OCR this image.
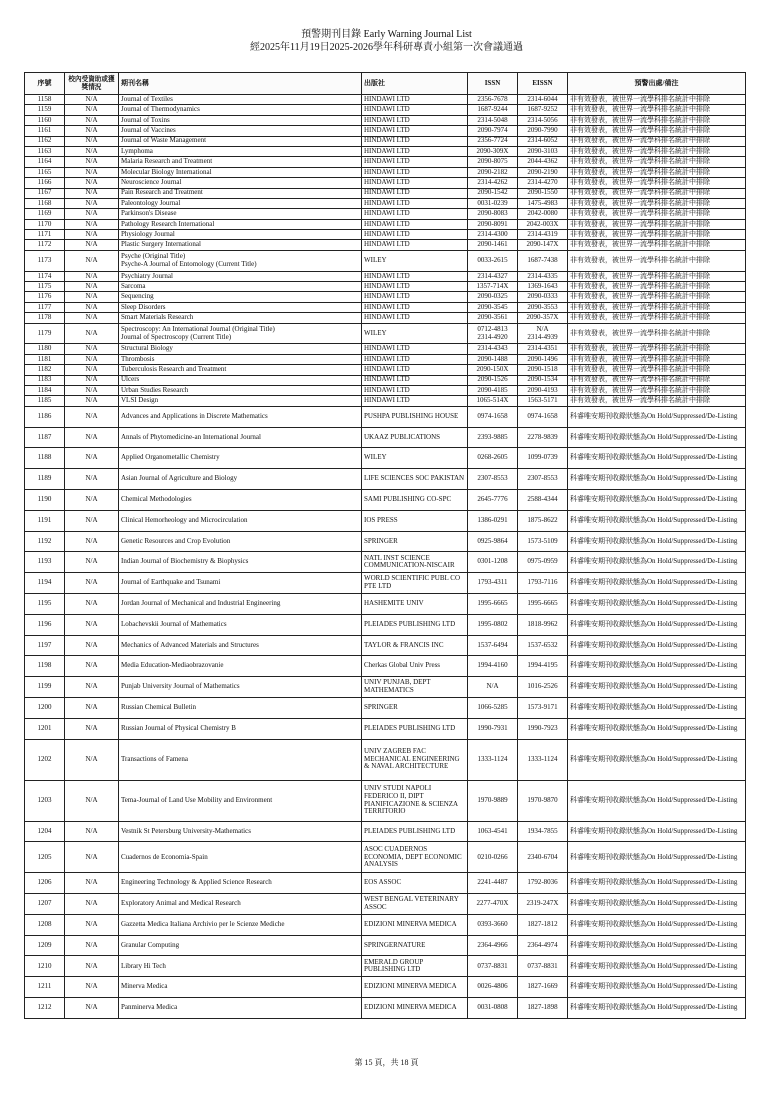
預警期刊目錄 Early Warning Journal List
經2025年11月19日2025-2026學年科研專責小組第一次會議通過
序號	校內受資助或獲獎情況	期刊名稱	出版社	ISSN	EISSN	預警出處/備注
1158	N/A	Journal of Textiles	HINDAWI LTD	2356-7678	2314-6044	非有效發表，被世界一流學科排名統計中排除
1159	N/A	Journal of Thermodynamics	HINDAWI LTD	1687-9244	1687-9252	非有效發表，被世界一流學科排名統計中排除
1160	N/A	Journal of Toxins	HINDAWI LTD	2314-5048	2314-5056	非有效發表，被世界一流學科排名統計中排除
1161	N/A	Journal of Vaccines	HINDAWI LTD	2090-7974	2090-7990	非有效發表，被世界一流學科排名統計中排除
1162	N/A	Journal of Waste Management	HINDAWI LTD	2356-7724	2314-6052	非有效發表，被世界一流學科排名統計中排除
1163	N/A	Lymphoma	HINDAWI LTD	2090-309X	2090-3103	非有效發表，被世界一流學科排名統計中排除
1164	N/A	Malaria Research and Treatment	HINDAWI LTD	2090-8075	2044-4362	非有效發表，被世界一流學科排名統計中排除
1165	N/A	Molecular Biology International	HINDAWI LTD	2090-2182	2090-2190	非有效發表，被世界一流學科排名統計中排除
1166	N/A	Neuroscience Journal	HINDAWI LTD	2314-4262	2314-4270	非有效發表，被世界一流學科排名統計中排除
1167	N/A	Pain Research and Treatment	HINDAWI LTD	2090-1542	2090-1550	非有效發表，被世界一流學科排名統計中排除
1168	N/A	Paleontology Journal	HINDAWI LTD	0031-0239	1475-4983	非有效發表，被世界一流學科排名統計中排除
1169	N/A	Parkinson's Disease	HINDAWI LTD	2090-8083	2042-0080	非有效發表，被世界一流學科排名統計中排除
1170	N/A	Pathology Research International	HINDAWI LTD	2090-8091	2042-003X	非有效發表，被世界一流學科排名統計中排除
1171	N/A	Physiology Journal	HINDAWI LTD	2314-4300	2314-4319	非有效發表，被世界一流學科排名統計中排除
1172	N/A	Plastic Surgery International	HINDAWI LTD	2090-1461	2090-147X	非有效發表，被世界一流學科排名統計中排除
1173	N/A	Psyche (Original Title)
Psyche-A Journal of Entomology (Current Title)	WILEY	0033-2615	1687-7438	非有效發表，被世界一流學科排名統計中排除
1174	N/A	Psychiatry Journal	HINDAWI LTD	2314-4327	2314-4335	非有效發表，被世界一流學科排名統計中排除
1175	N/A	Sarcoma	HINDAWI LTD	1357-714X	1369-1643	非有效發表，被世界一流學科排名統計中排除
1176	N/A	Sequencing	HINDAWI LTD	2090-0325	2090-0333	非有效發表，被世界一流學科排名統計中排除
1177	N/A	Sleep Disorders	HINDAWI LTD	2090-3545	2090-3553	非有效發表，被世界一流學科排名統計中排除
1178	N/A	Smart Materials Research	HINDAWI LTD	2090-3561	2090-357X	非有效發表，被世界一流學科排名統計中排除
1179	N/A	Spectroscopy: An International Journal (Original Title)
Journal of Spectroscopy (Current Title)	WILEY	0712-4813
2314-4920	N/A
2314-4939	非有效發表，被世界一流學科排名統計中排除
1180	N/A	Structural Biology	HINDAWI LTD	2314-4343	2314-4351	非有效發表，被世界一流學科排名統計中排除
1181	N/A	Thrombosis	HINDAWI LTD	2090-1488	2090-1496	非有效發表，被世界一流學科排名統計中排除
1182	N/A	Tuberculosis Research and Treatment	HINDAWI LTD	2090-150X	2090-1518	非有效發表，被世界一流學科排名統計中排除
1183	N/A	Ulcers	HINDAWI LTD	2090-1526	2090-1534	非有效發表，被世界一流學科排名統計中排除
1184	N/A	Urban Studies Research	HINDAWI LTD	2090-4185	2090-4193	非有效發表，被世界一流學科排名統計中排除
1185	N/A	VLSI Design	HINDAWI LTD	1065-514X	1563-5171	非有效發表，被世界一流學科排名統計中排除
1186	N/A	Advances and Applications in Discrete Mathematics	PUSHPA PUBLISHING HOUSE	0974-1658	0974-1658	科睿唯安期刊收錄狀態為On Hold/Suppressed/De-Listing
1187	N/A	Annals of Phytomedicine-an International Journal	UKAAZ PUBLICATIONS	2393-9885	2278-9839	科睿唯安期刊收錄狀態為On Hold/Suppressed/De-Listing
1188	N/A	Applied Organometallic Chemistry	WILEY	0268-2605	1099-0739	科睿唯安期刊收錄狀態為On Hold/Suppressed/De-Listing
1189	N/A	Asian Journal of Agriculture and Biology	LIFE SCIENCES SOC PAKISTAN	2307-8553	2307-8553	科睿唯安期刊收錄狀態為On Hold/Suppressed/De-Listing
1190	N/A	Chemical Methodologies	SAMI PUBLISHING CO-SPC	2645-7776	2588-4344	科睿唯安期刊收錄狀態為On Hold/Suppressed/De-Listing
1191	N/A	Clinical Hemorheology and Microcirculation	IOS PRESS	1386-0291	1875-8622	科睿唯安期刊收錄狀態為On Hold/Suppressed/De-Listing
1192	N/A	Genetic Resources and Crop Evolution	SPRINGER	0925-9864	1573-5109	科睿唯安期刊收錄狀態為On Hold/Suppressed/De-Listing
1193	N/A	Indian Journal of Biochemistry & Biophysics	NATL INST SCIENCE COMMUNICATION-NISCAIR	0301-1208	0975-0959	科睿唯安期刊收錄狀態為On Hold/Suppressed/De-Listing
1194	N/A	Journal of Earthquake and Tsunami	WORLD SCIENTIFIC PUBL CO PTE LTD	1793-4311	1793-7116	科睿唯安期刊收錄狀態為On Hold/Suppressed/De-Listing
1195	N/A	Jordan Journal of Mechanical and Industrial Engineering	HASHEMITE UNIV	1995-6665	1995-6665	科睿唯安期刊收錄狀態為On Hold/Suppressed/De-Listing
1196	N/A	Lobachevskii Journal of Mathematics	PLEIADES PUBLISHING LTD	1995-0802	1818-9962	科睿唯安期刊收錄狀態為On Hold/Suppressed/De-Listing
1197	N/A	Mechanics of Advanced Materials and Structures	TAYLOR & FRANCIS INC	1537-6494	1537-6532	科睿唯安期刊收錄狀態為On Hold/Suppressed/De-Listing
1198	N/A	Media Education-Mediaobrazovanie	Cherkas Global Univ Press	1994-4160	1994-4195	科睿唯安期刊收錄狀態為On Hold/Suppressed/De-Listing
1199	N/A	Punjab University Journal of Mathematics	UNIV PUNJAB, DEPT MATHEMATICS	N/A	1016-2526	科睿唯安期刊收錄狀態為On Hold/Suppressed/De-Listing
1200	N/A	Russian Chemical Bulletin	SPRINGER	1066-5285	1573-9171	科睿唯安期刊收錄狀態為On Hold/Suppressed/De-Listing
1201	N/A	Russian Journal of Physical Chemistry B	PLEIADES PUBLISHING LTD	1990-7931	1990-7923	科睿唯安期刊收錄狀態為On Hold/Suppressed/De-Listing
1202	N/A	Transactions of Famena	UNIV ZAGREB FAC MECHANICAL ENGINEERING & NAVAL ARCHITECTURE	1333-1124	1333-1124	科睿唯安期刊收錄狀態為On Hold/Suppressed/De-Listing
1203	N/A	Tema-Journal of Land Use Mobility and Environment	UNIV STUDI NAPOLI FEDERICO II, DIPT PIANIFICAZIONE & SCIENZA TERRITORIO	1970-9889	1970-9870	科睿唯安期刊收錄狀態為On Hold/Suppressed/De-Listing
1204	N/A	Vestnik St Petersburg University-Mathematics	PLEIADES PUBLISHING LTD	1063-4541	1934-7855	科睿唯安期刊收錄狀態為On Hold/Suppressed/De-Listing
1205	N/A	Cuadernos de Economia-Spain	ASOC CUADERNOS ECONOMIA, DEPT ECONOMIC ANALYSIS	0210-0266	2340-6704	科睿唯安期刊收錄狀態為On Hold/Suppressed/De-Listing
1206	N/A	Engineering Technology & Applied Science Research	EOS ASSOC	2241-4487	1792-8036	科睿唯安期刊收錄狀態為On Hold/Suppressed/De-Listing
1207	N/A	Exploratory Animal and Medical Research	WEST BENGAL VETERINARY ASSOC	2277-470X	2319-247X	科睿唯安期刊收錄狀態為On Hold/Suppressed/De-Listing
1208	N/A	Gazzetta Medica Italiana Archivio per le Scienze Mediche	EDIZIONI MINERVA MEDICA	0393-3660	1827-1812	科睿唯安期刊收錄狀態為On Hold/Suppressed/De-Listing
1209	N/A	Granular Computing	SPRINGERNATURE	2364-4966	2364-4974	科睿唯安期刊收錄狀態為On Hold/Suppressed/De-Listing
1210	N/A	Library Hi Tech	EMERALD GROUP PUBLISHING LTD	0737-8831	0737-8831	科睿唯安期刊收錄狀態為On Hold/Suppressed/De-Listing
1211	N/A	Minerva Medica	EDIZIONI MINERVA MEDICA	0026-4806	1827-1669	科睿唯安期刊收錄狀態為On Hold/Suppressed/De-Listing
1212	N/A	Panminerva Medica	EDIZIONI MINERVA MEDICA	0031-0808	1827-1898	科睿唯安期刊收錄狀態為On Hold/Suppressed/De-Listing
第 15 頁，共 18 頁
